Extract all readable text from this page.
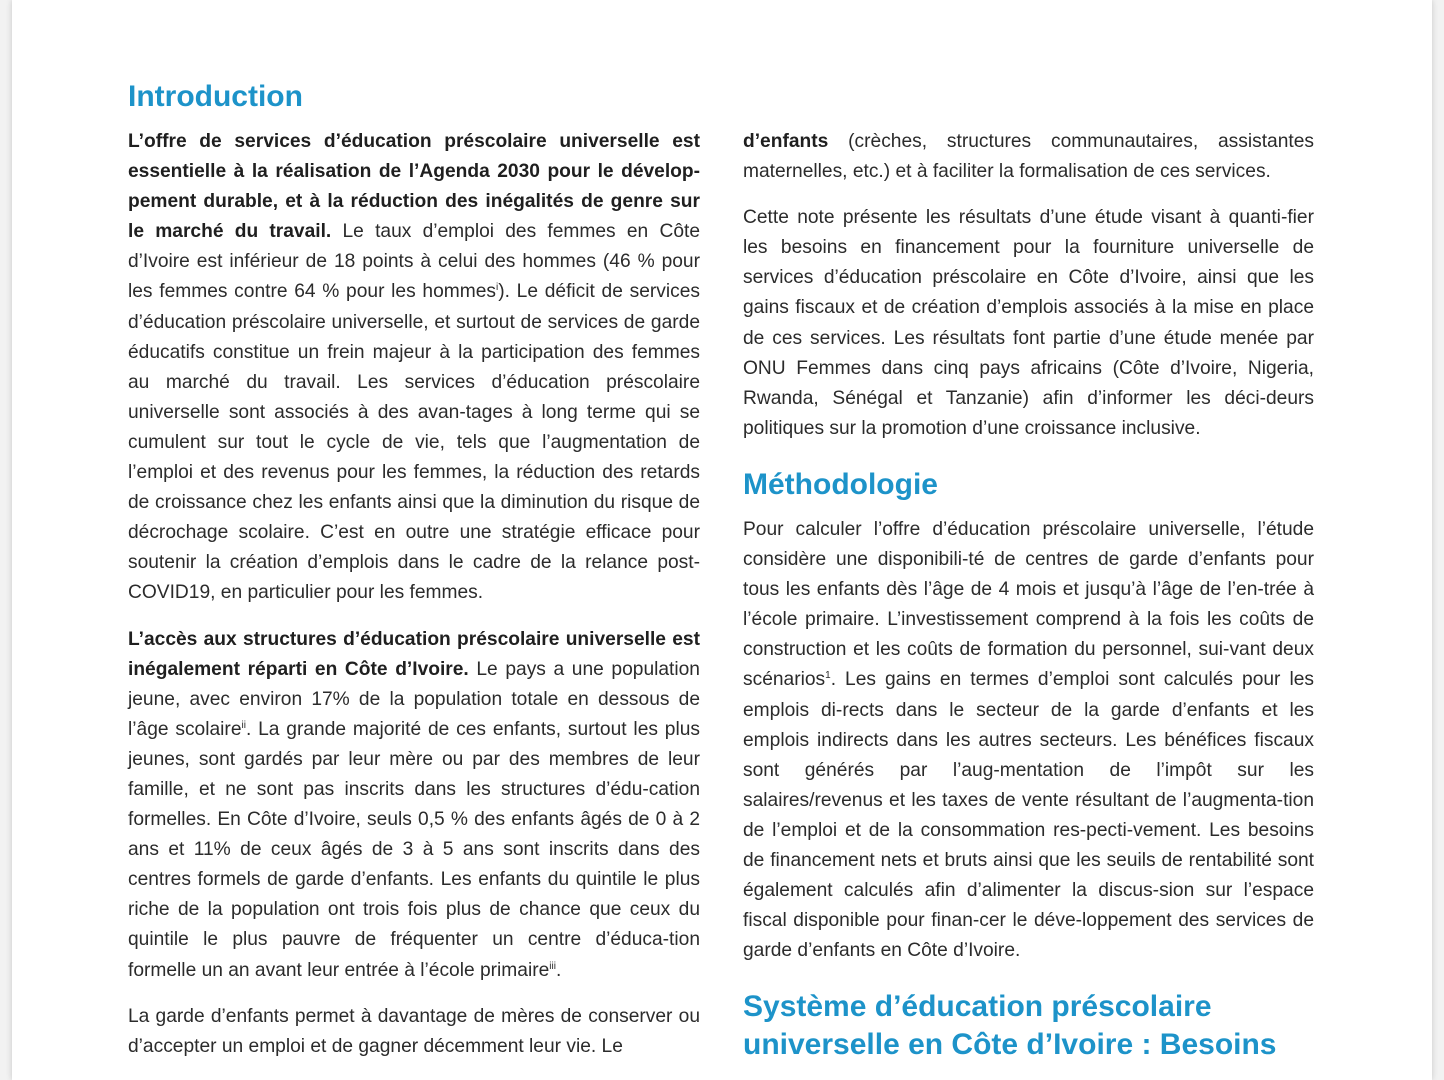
Introduction

L’offre de services d’éducation préscolaire universelle est essentielle à la réalisation de l’Agenda 2030 pour le dévelop-pement durable, et à la réduction des inégalités de genre sur le marché du travail. Le taux d’emploi des femmes en Côte d’Ivoire est inférieur de 18 points à celui des hommes (46 % pour les femmes contre 64 % pour les hommes$^i$). Le déficit de services d’éducation préscolaire universelle, et surtout de services de garde éducatifs constitue un frein majeur à la participation des femmes au marché du travail. Les services d’éducation préscolaire universelle sont associés à des avan-tages à long terme qui se cumulent sur tout le cycle de vie, tels que l’augmentation de l’emploi et des revenus pour les femmes, la réduction des retards de croissance chez les enfants ainsi que la diminution du risque de décrochage scolaire. C’est en outre une stratégie efficace pour soutenir la création d’emplois dans le cadre de la relance post-COVID19, en particulier pour les femmes.

L’accès aux structures d’éducation préscolaire universelle est inégalement réparti en Côte d’Ivoire. Le pays a une population jeune, avec environ 17% de la population totale en dessous de l’âge scolaire$^{ii}$. La grande majorité de ces enfants, surtout les plus jeunes, sont gardés par leur mère ou par des membres de leur famille, et ne sont pas inscrits dans les structures d’édu-cation formelles. En Côte d’Ivoire, seuls 0,5 % des enfants âgés de 0 à 2 ans et 11% de ceux âgés de 3 à 5 ans sont inscrits dans des centres formels de garde d’enfants. Les enfants du quintile le plus riche de la population ont trois fois plus de chance que ceux du quintile le plus pauvre de fréquenter un centre d’éduca-tion formelle un an avant leur entrée à l’école primaire$^{iii}$.

La garde d’enfants permet à davantage de mères de conserver ou d’accepter un emploi et de gagner décemment leur vie. Le

d’enfants (crèches, structures communautaires, assistantes maternelles, etc.) et à faciliter la formalisation de ces services.

Cette note présente les résultats d’une étude visant à quanti-fier les besoins en financement pour la fourniture universelle de services d’éducation préscolaire en Côte d’Ivoire, ainsi que les gains fiscaux et de création d’emplois associés à la mise en place de ces services. Les résultats font partie d’une étude menée par ONU Femmes dans cinq pays africains (Côte d’Ivoire, Nigeria, Rwanda, Sénégal et Tanzanie) afin d’informer les déci-deurs politiques sur la promotion d’une croissance inclusive.

Méthodologie

Pour calculer l’offre d’éducation préscolaire universelle, l’étude considère une disponibili-té de centres de garde d’enfants pour tous les enfants dès l’âge de 4 mois et jusqu’à l’âge de l’en-trée à l’école primaire. L’investissement comprend à la fois les coûts de construction et les coûts de formation du personnel, sui-vant deux scénarios$^1$. Les gains en termes d’emploi sont calculés pour les emplois di-rects dans le secteur de la garde d’enfants et les emplois indirects dans les autres secteurs. Les bénéfices fiscaux sont générés par l’aug-mentation de l’impôt sur les salaires/revenus et les taxes de vente résultant de l’augmenta-tion de l’emploi et de la consommation res-pecti-vement. Les besoins de financement nets et bruts ainsi que les seuils de rentabilité sont également calculés afin d’alimenter la discus-sion sur l’espace fiscal disponible pour finan-cer le déve-loppement des services de garde d’enfants en Côte d’Ivoire.

Système d’éducation préscolaire universelle en Côte d’Ivoire : Besoins
